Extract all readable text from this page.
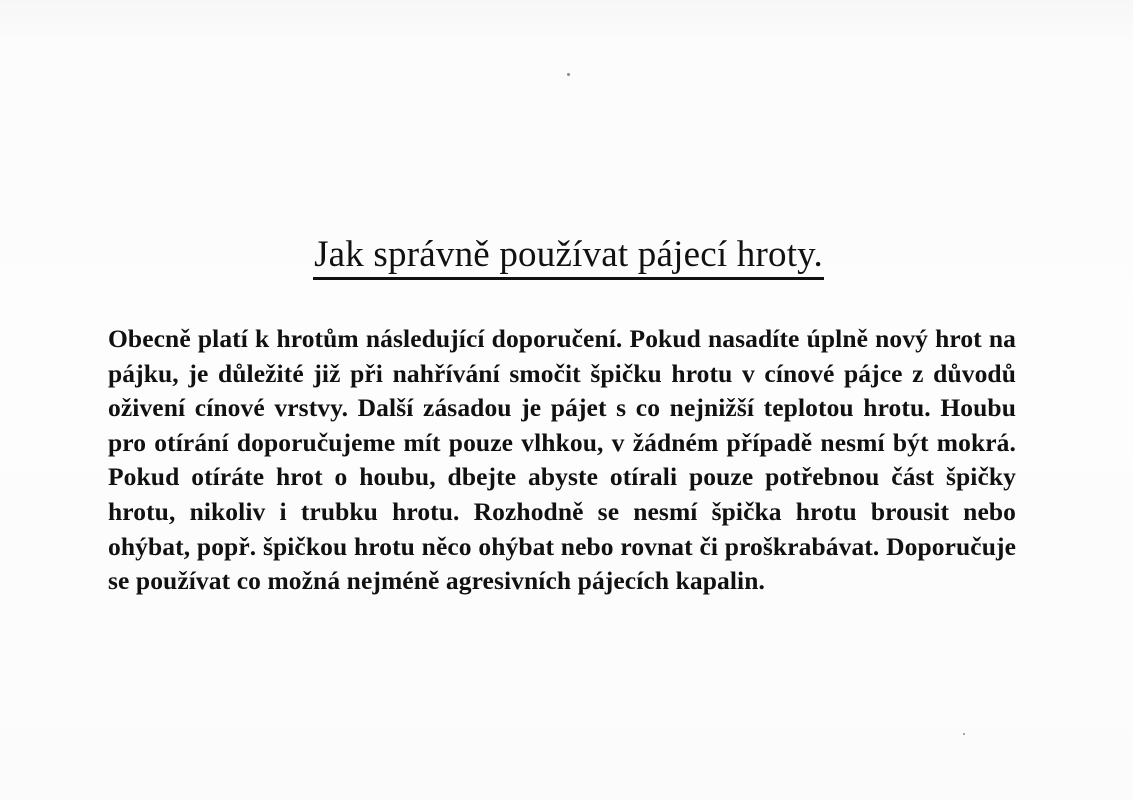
Jak správně používat pájecí hroty.

Obecně platí k hrotům následující doporučení. Pokud nasadíte úplně nový hrot na pájku, je důležité již při nahřívání smočit špičku hrotu v cínové pájce z důvodů oživení cínové vrstvy. Další zásadou je pájet s co nejnižší teplotou hrotu. Houbu pro otírání doporučujeme mít pouze vlhkou, v žádném případě nesmí být mokrá. Pokud otíráte hrot o houbu, dbejte abyste otírali pouze potřebnou část špičky hrotu, nikoliv i trubku hrotu. Rozhodně se nesmí špička hrotu brousit nebo ohýbat, popř. špičkou hrotu něco ohýbat nebo rovnat či proškrabávat. Doporučuje se používat co možná nejméně agresivních pájecích kapalin.
